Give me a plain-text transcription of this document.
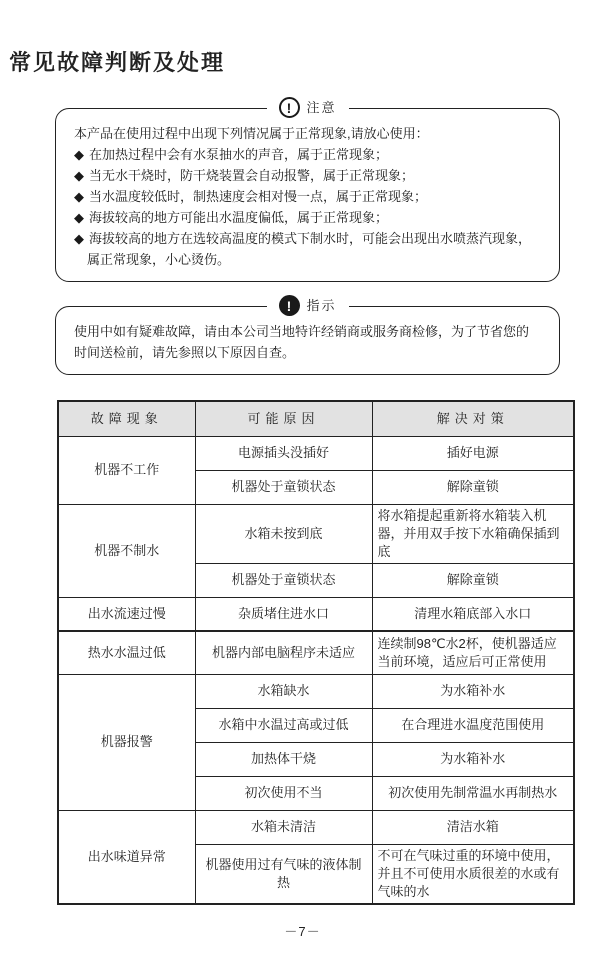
常见故障判断及处理
!	注意
本产品在使用过程中出现下列情况属于正常现象,请放心使用：
◆ 在加热过程中会有水泵抽水的声音，属于正常现象；
◆ 当无水干烧时，防干烧装置会自动报警，属于正常现象；
◆ 当水温度较低时，制热速度会相对慢一点，属于正常现象；
◆ 海拔较高的地方可能出水温度偏低，属于正常现象；
◆ 海拔较高的地方在选较高温度的模式下制水时，可能会出现出水喷蒸汽现象，属正常现象，小心烫伤。
!	指示
使用中如有疑难故障，请由本公司当地特许经销商或服务商检修，为了节省您的时间送检前，请先参照以下原因自查。
故障现象	可能原因	解决对策
机器不工作	电源插头没插好	插好电源
	机器处于童锁状态	解除童锁
机器不制水	水箱未按到底	将水箱提起重新将水箱装入机器，并用双手按下水箱确保插到底
	机器处于童锁状态	解除童锁
出水流速过慢	杂质堵住进水口	清理水箱底部入水口
热水水温过低	机器内部电脑程序未适应	连续制98℃水2杯，使机器适应当前环境，适应后可正常使用
机器报警	水箱缺水	为水箱补水
	水箱中水温过高或过低	在合理进水温度范围使用
	加热体干烧	为水箱补水
	初次使用不当	初次使用先制常温水再制热水
出水味道异常	水箱未清洁	清洁水箱
	机器使用过有气味的液体制热	不可在气味过重的环境中使用，并且不可使用水质很差的水或有气味的水
－7－
